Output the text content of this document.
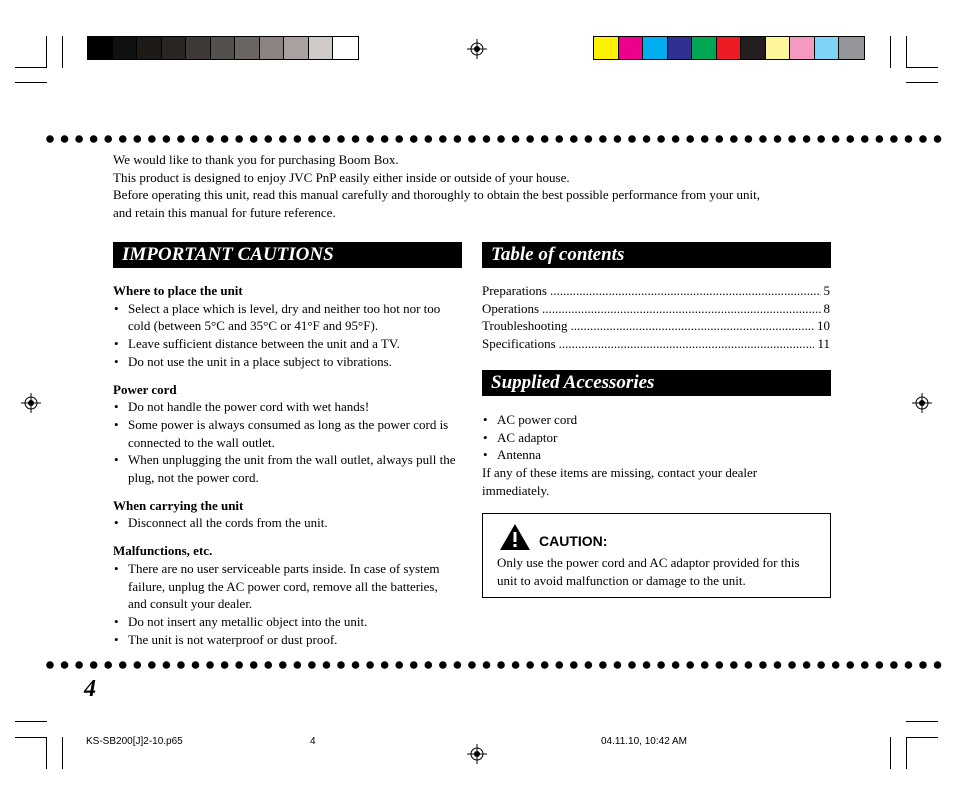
We would like to thank you for purchasing Boom Box.
This product is designed to enjoy JVC PnP easily either inside or outside of your house.
Before operating this unit, read this manual carefully and thoroughly to obtain the best possible performance from your unit,
and retain this manual for future reference.
IMPORTANT CAUTIONS
Where to place the unit
• Select a place which is level, dry and neither too hot nor too cold (between 5°C and 35°C or 41°F and 95°F).
• Leave sufficient distance between the unit and a TV.
• Do not use the unit in a place subject to vibrations.
Power cord
• Do not handle the power cord with wet hands!
• Some power is always consumed as long as the power cord is connected to the wall outlet.
• When unplugging the unit from the wall outlet, always pull the plug, not the power cord.
When carrying the unit
• Disconnect all the cords from the unit.
Malfunctions, etc.
• There are no user serviceable parts inside. In case of system failure, unplug the AC power cord, remove all the batteries, and consult your dealer.
• Do not insert any metallic object into the unit.
• The unit is not waterproof or dust proof.
Table of contents
Preparations .....	5
Operations .....	8
Troubleshooting .....	10
Specifications .....	11
Supplied Accessories
• AC power cord
• AC adaptor
• Antenna
If any of these items are missing, contact your dealer immediately.
CAUTION:
Only use the power cord and AC adaptor provided for this unit to avoid malfunction or damage to the unit.
4
KS-SB200[J]2-10.p65	4	04.11.10, 10:42 AM
